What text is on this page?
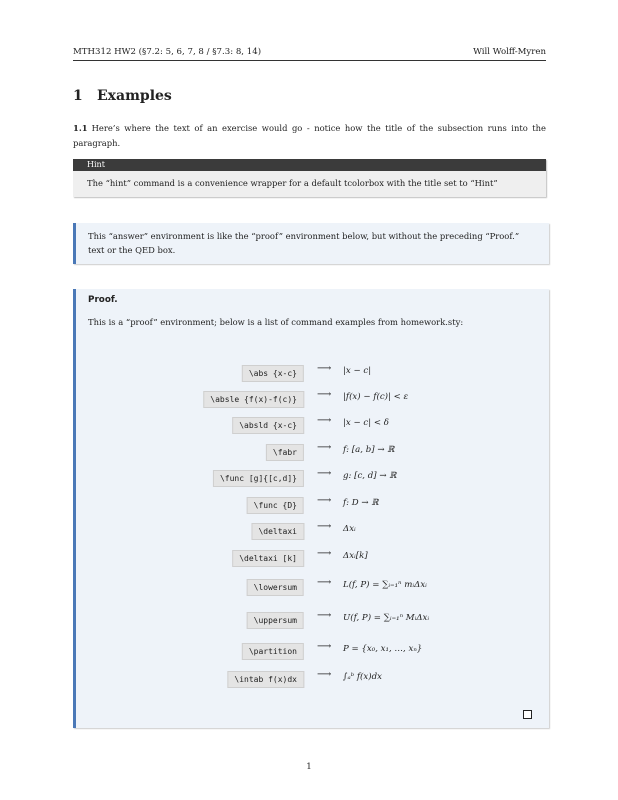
MTH312 HW2 (§7.2: 5, 6, 7, 8 / §7.3: 8, 14)	Will Wolff-Myren
1 Examples
1.1 Here’s where the text of an exercise would go - notice how the title of the subsection runs into the paragraph.
Hint
The “hint” command is a convenience wrapper for a default tcolorbox with the title set to “Hint”
This “answer” environment is like the “proof” environment below, but without the preceding “Proof.” text or the QED box.
Proof.
This is a “proof” environment; below is a list of command examples from homework.sty:
\abs {x-c}	⟶ |x − c|
\absle {f(x)-f(c)}	⟶ |f(x) − f(c)| < ε
\absld {x-c}	⟶ |x − c| < δ
\fabr	⟶ f: [a, b] → ℝ
\func [g]{[c,d]}	⟶ g: [c, d] → ℝ
\func {D}	⟶ f: D → ℝ
\deltaxi	⟶ Δxᵢ
\deltaxi [k]	⟶ Δxᵢ[k]
\lowersum	⟶ L(f, P) = ∑ᵢ₌₁ⁿ mᵢΔxᵢ
\uppersum	⟶ U(f, P) = ∑ᵢ₌₁ⁿ MᵢΔxᵢ
\partition	⟶ P = {x₀, x₁, …, xₙ}
\intab f(x)dx	⟶ ∫ₐᵇ f(x)dx
1
